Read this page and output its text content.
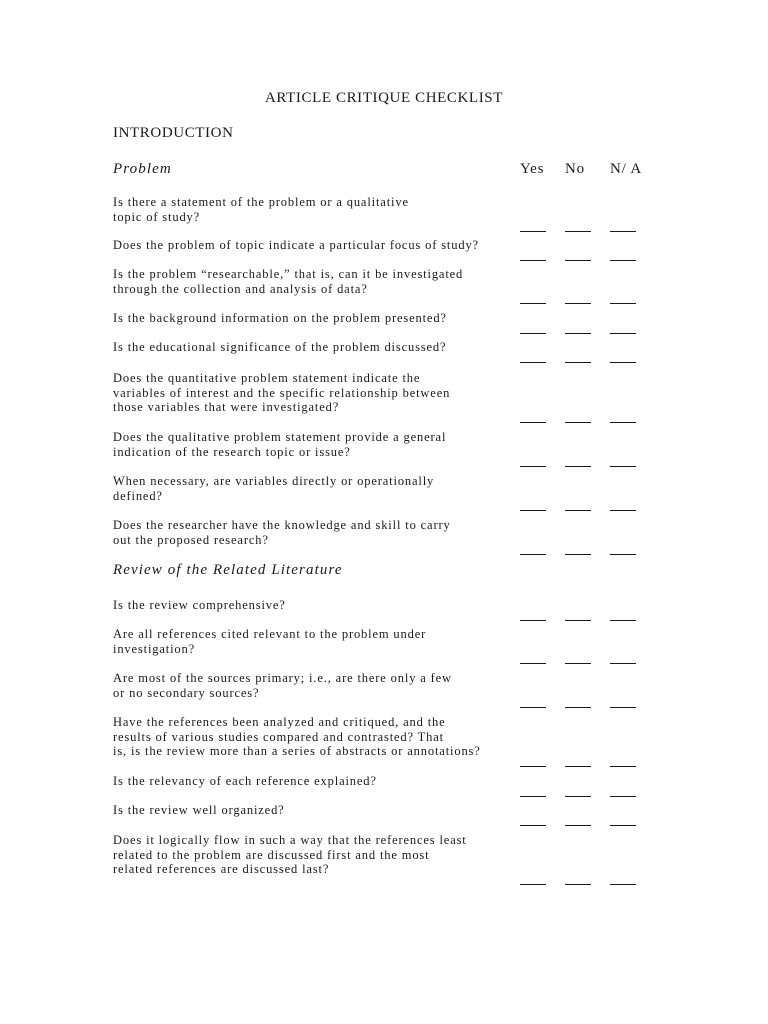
ARTICLE CRITIQUE CHECKLIST
INTRODUCTION
Problem	Yes No N/ A
Review of the Related Literature
Is there a statement of the problem or a qualitative
topic of study?
Does the problem of topic indicate a particular focus of study?
Is the problem “researchable,” that is, can it be investigated
through the collection and analysis of data?
Is the background information on the problem presented?
Is the educational significance of the problem discussed?
Does the quantitative problem statement indicate the
variables of interest and the specific relationship between
those variables that were investigated?
Does the qualitative problem statement provide a general
indication of the research topic or issue?
When necessary, are variables directly or operationally
defined?
Does the researcher have the knowledge and skill to carry
out the proposed research?
Is the review comprehensive?
Are all references cited relevant to the problem under
investigation?
Are most of the sources primary; i.e., are there only a few
or no secondary sources?
Have the references been analyzed and critiqued, and the
results of various studies compared and contrasted? That
is, is the review more than a series of abstracts or annotations?
Is the relevancy of each reference explained?
Is the review well organized?
Does it logically flow in such a way that the references least
related to the problem are discussed first and the most
related references are discussed last?
